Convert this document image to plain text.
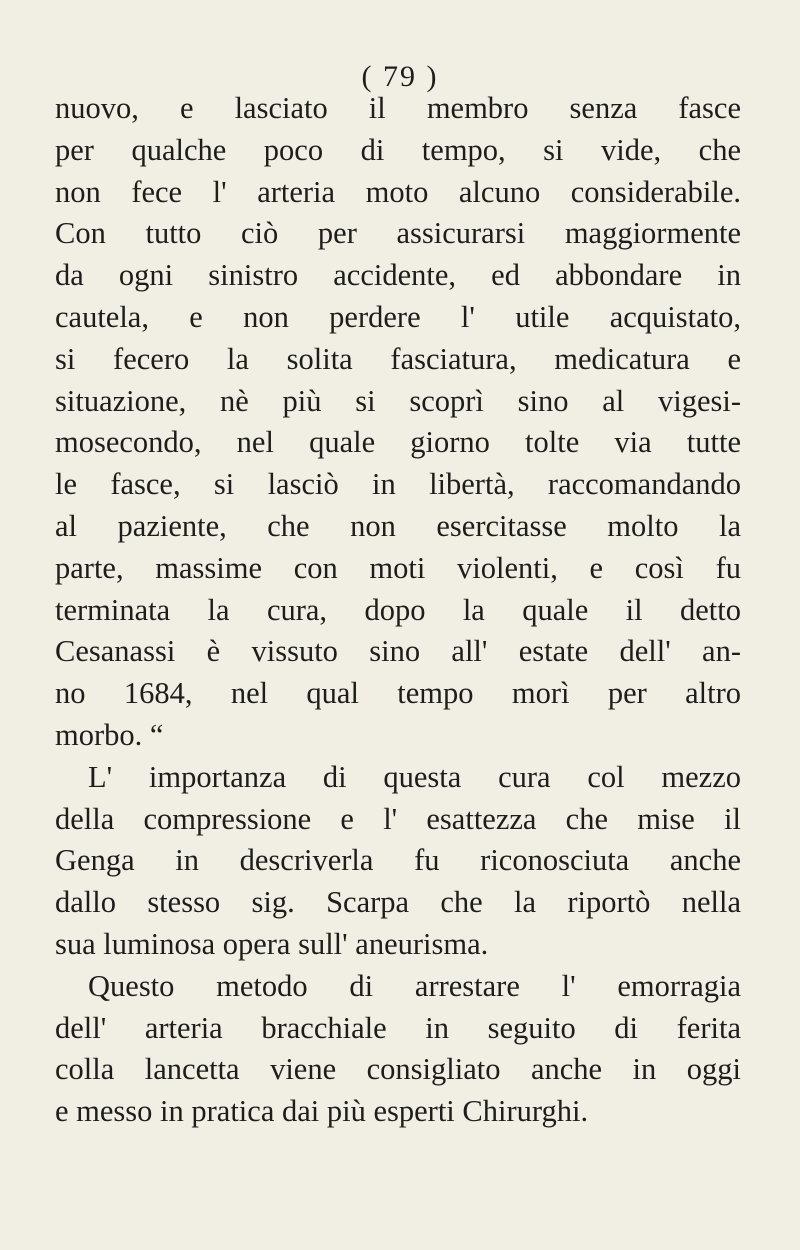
( 79 )
nuovo, e lasciato il membro senza fasce
per qualche poco di tempo, si vide, che
non fece l' arteria moto alcuno considerabile.
Con tutto ciò per assicurarsi maggiormente
da ogni sinistro accidente, ed abbondare in
cautela, e non perdere l' utile acquistato,
si fecero la solita fasciatura, medicatura e
situazione, nè più si scoprì sino al vigesi-
mosecondo, nel quale giorno tolte via tutte
le fasce, si lasciò in libertà, raccomandando
al paziente, che non esercitasse molto la
parte, massime con moti violenti, e così fu
terminata la cura, dopo la quale il detto
Cesanassi è vissuto sino all' estate dell' an-
no 1684, nel qual tempo morì per altro
morbo. “
L' importanza di questa cura col mezzo
della compressione e l' esattezza che mise il
Genga in descriverla fu riconosciuta anche
dallo stesso sig. Scarpa che la riportò nella
sua luminosa opera sull' aneurisma.
Questo metodo di arrestare l' emorragia
dell' arteria bracchiale in seguito di ferita
colla lancetta viene consigliato anche in oggi
e messo in pratica dai più esperti Chirurghi.
